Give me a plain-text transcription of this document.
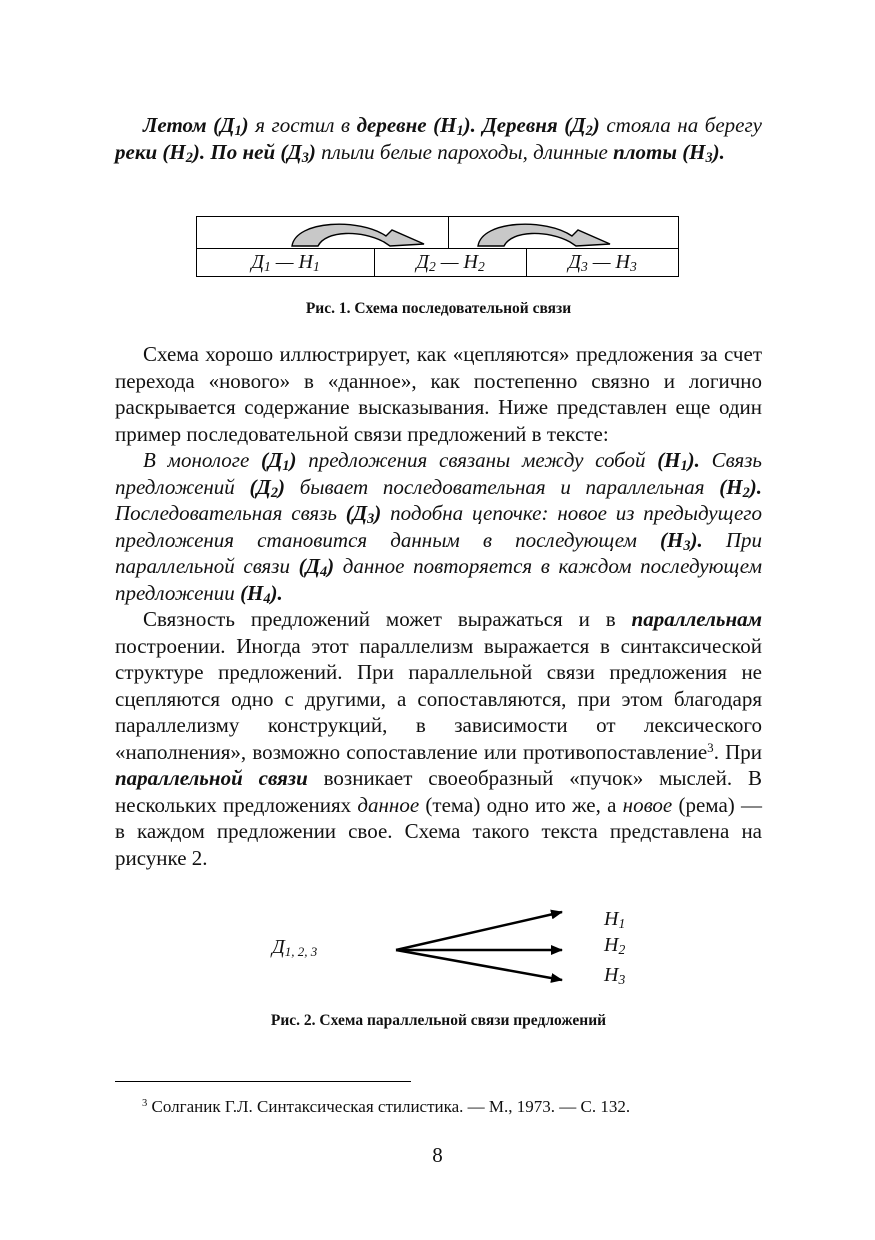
Летом $(Д_1)$ я гостил в деревне $(Н_1)$. Деревня $(Д_2)$ стояла на берегу реки $(Н_2)$. По ней $(Д_3)$ плыли белые пароходы, длинные плоты $(Н_3)$.

$Д_1$ — $Н_1$	$Д_2$ — $Н_2$		$Д_3$ — $Н_3$
Рис. 1. Схема последовательной связи

Схема хорошо иллюстрирует, как «цепляются» предложения за счет перехода «нового» в «данное», как постепенно связно и логично раскрывается содержание высказывания. Ниже представлен еще один пример последовательной связи предложений в тексте:

В монологе $(Д_1)$ предложения связаны между собой $(Н_1)$. Связь предложений $(Д_2)$ бывает последовательная и параллельная $(Н_2)$. Последовательная связь $(Д_3)$ подобна цепочке: новое из предыдущего предложения становится данным в последующем $(Н_3)$. При параллельной связи $(Д_4)$ данное повторяется в каждом последующем предложении $(Н_4)$.

Связность предложений может выражаться и в параллельнам построении. Иногда этот параллелизм выражается в синтаксической структуре предложений. При параллельной связи предложения не сцепляются одно с другими, а сопоставляются, при этом благодаря параллелизму конструкций, в зависимости от лексического «наполнения», возможно сопоставление или противопоставление$^3$. При параллельной связи возникает своеобразный «пучок» мыслей. В нескольких предложениях данное (тема) одно ито же, а новое (рема) — в каждом предложении свое. Схема такого текста представлена на рисунке 2.

$Д_{1, 2, 3}$
$Н_1$
$Н_2$
$Н_3$
Рис. 2. Схема параллельной связи предложений
$^3$ Солганик Г.Л. Синтаксическая стилистика. — М., 1973. — С. 132.
8
